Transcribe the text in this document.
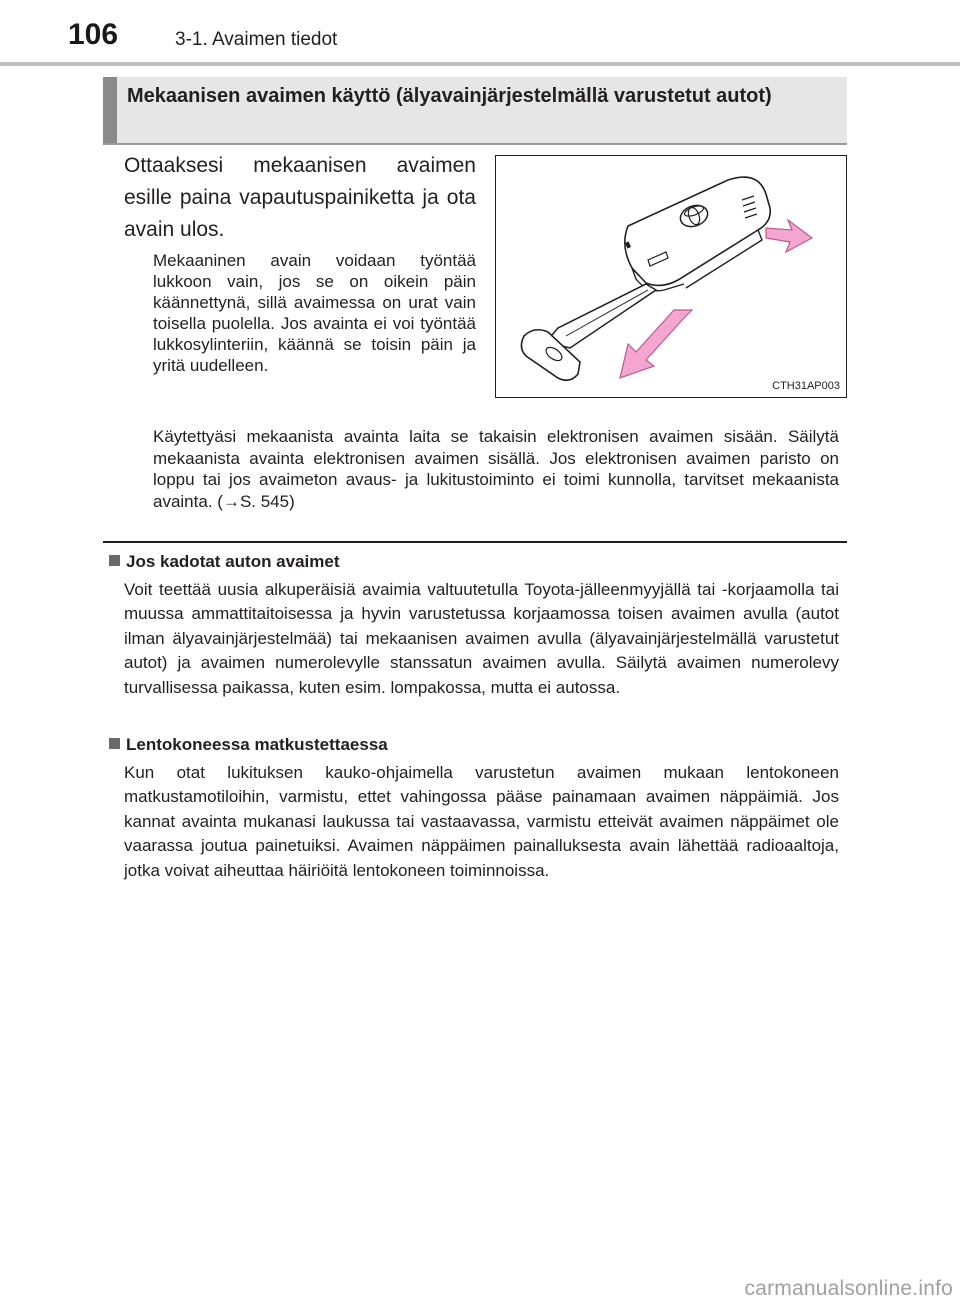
106	3-1. Avaimen tiedot
Mekaanisen avaimen käyttö (älyavainjärjestelmällä varustetut autot)
Ottaaksesi mekaanisen avaimen esille paina vapautuspainiketta ja ota avain ulos.
Mekaaninen avain voidaan työntää lukkoon vain, jos se on oikein päin käännettynä, sillä avaimessa on urat vain toisella puolella. Jos avainta ei voi työntää lukkosylinteriin, käännä se toisin päin ja yritä uudelleen.
CTH31AP003
Käytettyäsi mekaanista avainta laita se takaisin elektronisen avaimen sisään. Säilytä mekaanista avainta elektronisen avaimen sisällä. Jos elektronisen avaimen paristo on loppu tai jos avaimeton avaus- ja lukitustoiminto ei toimi kunnolla, tarvitset mekaanista avainta. (→S. 545)
Jos kadotat auton avaimet
Voit teettää uusia alkuperäisiä avaimia valtuutetulla Toyota-jälleenmyyjällä tai -korjaamolla tai muussa ammattitaitoisessa ja hyvin varustetussa korjaamossa toisen avaimen avulla (autot ilman älyavainjärjestelmää) tai mekaanisen avaimen avulla (älyavainjärjestelmällä varustetut autot) ja avaimen numerolevylle stanssatun avaimen avulla. Säilytä avaimen numerolevy turvallisessa paikassa, kuten esim. lompakossa, mutta ei autossa.
Lentokoneessa matkustettaessa
Kun otat lukituksen kauko-ohjaimella varustetun avaimen mukaan lentokoneen matkustamotiloihin, varmistu, ettet vahingossa pääse painamaan avaimen näppäimiä. Jos kannat avainta mukanasi laukussa tai vastaavassa, varmistu etteivät avaimen näppäimet ole vaarassa joutua painetuiksi. Avaimen näppäimen painalluksesta avain lähettää radioaaltoja, jotka voivat aiheuttaa häiriöitä lentokoneen toiminnoissa.
carmanualsonline.info
